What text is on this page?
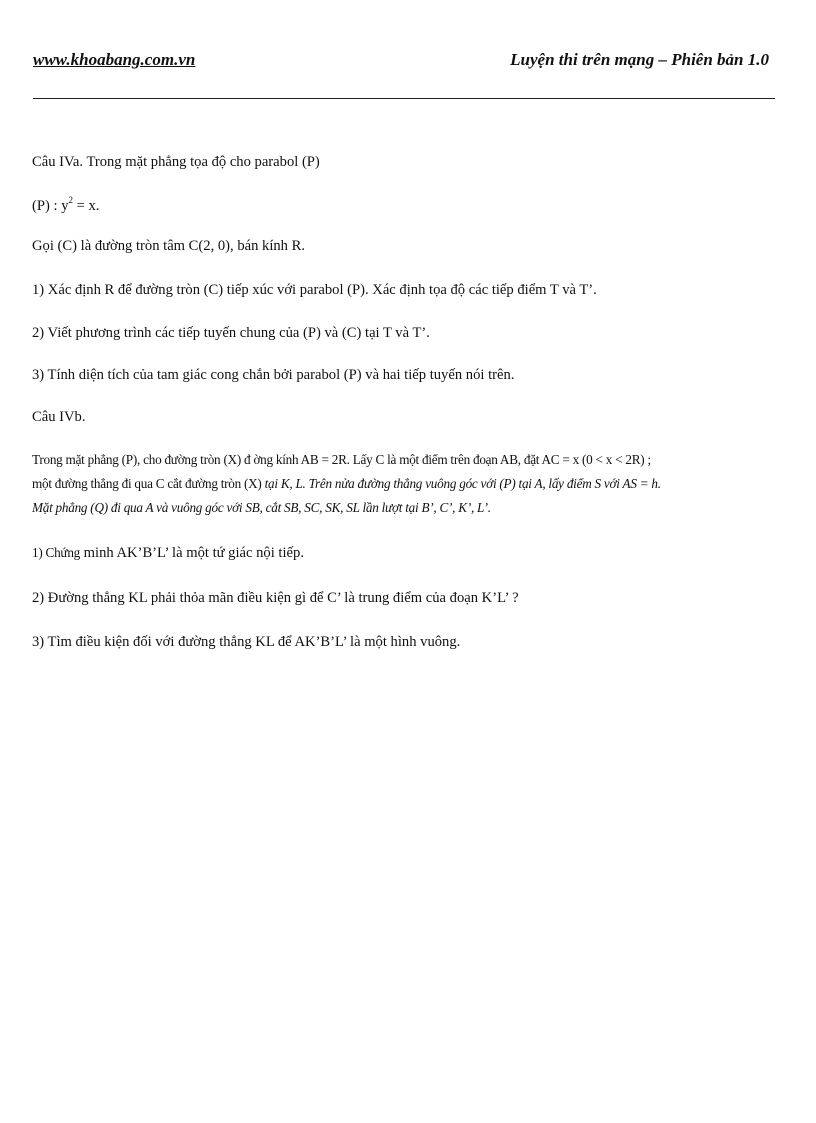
www.khoabang.com.vn	Luyện thi trên mạng – Phiên bản 1.0
Câu IVa. Trong mặt phẳng tọa độ cho parabol (P)
(P) : $y^2 = x$.
Gọi (C) là đường tròn tâm C(2, 0), bán kính R.
1) Xác định R để đường tròn (C) tiếp xúc với parabol (P). Xác định tọa độ các tiếp điểm T và T’.
2) Viết phương trình các tiếp tuyến chung của (P) và (C) tại T và T’.
3) Tính diện tích của tam giác cong chắn bởi parabol (P) và hai tiếp tuyến nói trên.
Câu IVb.
Trong mặt phẳng (P), cho đường tròn (X) đ ờng kính AB = 2R. Lấy C là một điểm trên đoạn AB, đặt AC = x (0 < x < 2R) ;
một đường thẳng đi qua C cắt đường tròn (X) tại K, L. Trên nửa đường thẳng vuông góc với (P) tại A, lấy điểm S với AS = h.
Mặt phẳng (Q) đi qua A và vuông góc với SB, cắt SB, SC, SK, SL lần lượt tại B’, C’, K’, L’.
1) Chứng minh AK’B’L’ là một tứ giác nội tiếp.
2) Đường thẳng KL phải thỏa mãn điều kiện gì để C’ là trung điểm của đoạn K’L’ ?
3) Tìm điều kiện đối với đường thẳng KL để AK’B’L’ là một hình vuông.
